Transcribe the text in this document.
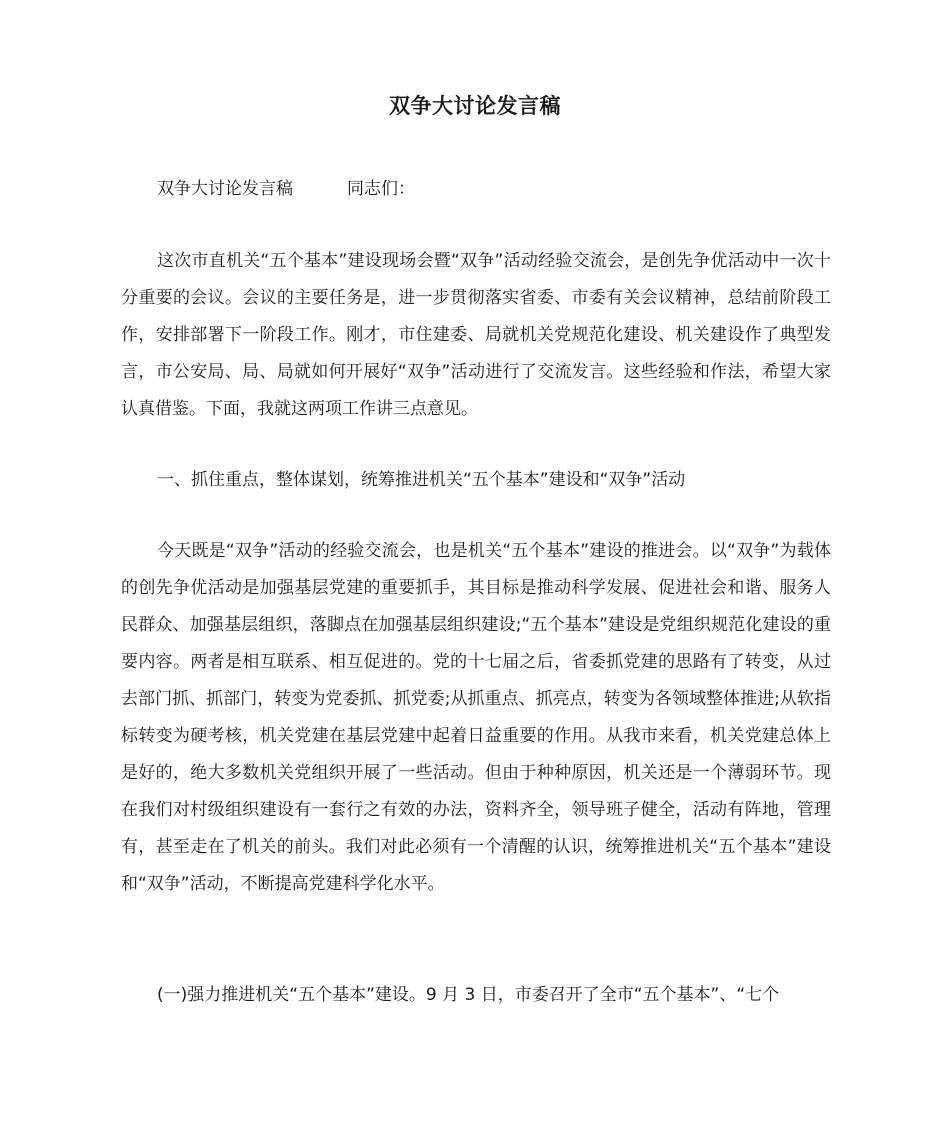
双争大讨论发言稿
双争大讨论发言稿	同志们：

这次市直机关“五个基本”建设现场会暨“双争”活动经验交流会，是创先争优活动中一次十分重要的会议。会议的主要任务是，进一步贯彻落实省委、市委有关会议精神，总结前阶段工作，安排部署下一阶段工作。刚才，市住建委、局就机关党规范化建设、机关建设作了典型发言，市公安局、局、局就如何开展好“双争”活动进行了交流发言。这些经验和作法，希望大家认真借鉴。下面，我就这两项工作讲三点意见。

一、抓住重点，整体谋划，统筹推进机关“五个基本”建设和“双争”活动

今天既是“双争”活动的经验交流会，也是机关“五个基本”建设的推进会。以“双争”为载体的创先争优活动是加强基层党建的重要抓手，其目标是推动科学发展、促进社会和谐、服务人民群众、加强基层组织，落脚点在加强基层组织建设;“五个基本”建设是党组织规范化建设的重要内容。两者是相互联系、相互促进的。党的十七届之后，省委抓党建的思路有了转变，从过去部门抓、抓部门，转变为党委抓、抓党委;从抓重点、抓亮点，转变为各领域整体推进;从软指标转变为硬考核，机关党建在基层党建中起着日益重要的作用。从我市来看，机关党建总体上是好的，绝大多数机关党组织开展了一些活动。但由于种种原因，机关还是一个薄弱环节。现在我们对村级组织建设有一套行之有效的办法，资料齐全，领导班子健全，活动有阵地，管理有，甚至走在了机关的前头。我们对此必须有一个清醒的认识，统筹推进机关“五个基本”建设和“双争”活动，不断提高党建科学化水平。

(一)强力推进机关“五个基本”建设。9 月 3 日，市委召开了全市“五个基本”、“七个
